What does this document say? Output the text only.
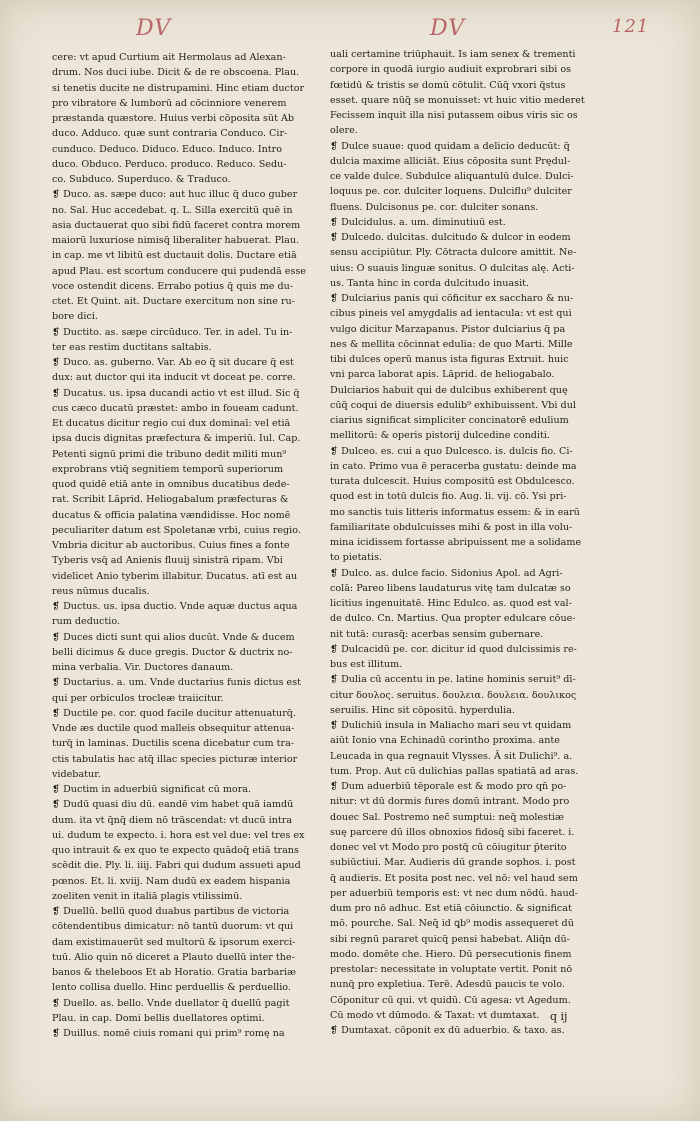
DV	DV	121
cere: vt apud Curtium ait Hermolaus ad Alexan-
drum. Nos duci iube. Dicit & de re obscoena. Plau.
si tenetis ducite ne distrupamini. Hinc etiam ductor
pro vibratore & lumborū ad cōcinniore venerem
præstanda quæstore. Huius verbi cōposita sūt Ab
duco. Adduco. quæ sunt contraria Conduco. Cir-
cunduco. Deduco. Diduco. Educo. Induco. Intro
duco. Obduco. Perduco. produco. Reduco. Sedu-
co. Subduco. Superduco. & Traduco.
❡ Duco. as. sæpe duco: aut huc illuc q̃ duco guber
no. Sal. Huc accedebat. q. L. Silla exercitū quē in
asia ductauerat quo sibi fidū faceret contra morem
maiorū luxuriose nimisq̃ liberaliter habuerat. Plau.
in cap. me vt libitū est ductauit dolis. Ductare etiā
apud Plau. est scortum conducere qui pudendā esse
voce ostendit dicens. Errabo potius q̃ quis me du-
ctet. Et Quint. ait. Ductare exercitum non sine ru-
bore dici.
❡ Ductito. as. sæpe circūduco. Ter. in adel. Tu in-
ter eas restim ductitans saltabis.
❡ Duco. as. guberno. Var. Ab eo q̃ sit ducare q̃ est
dux: aut ductor qui ita inducit vt doceat pe. corre.
❡ Ducatus. us. ipsa ducandi actio vt est illud. Sic q̃
cus cæco ducatū præstet: ambo in foueam cadunt.
Et ducatus dicitur regio cui dux dominaī: vel etiā
ipsa ducis dignitas præfectura & imperiū. Iul. Cap.
Petenti signū primi die tribuno dedit militi mun⁹
exprobrans vtiq̃ segnitiem temporū superiorum
quod quidē etiā ante in omnibus ducatibus dede-
rat. Scribit Lāprid. Heliogabalum præfecturas &
ducatus & officia palatina vændidisse. Hoc nomē
peculiariter datum est Spoletanæ vrbi, cuius regio.
Vmbria dicitur ab auctoribus. Cuius fines a fonte
Tyberis vsq̃ ad Anienis fluuij sinistrā ripam. Vbi
videlicet Anio tyberim illabitur. Ducatus. atī est au
reus nūmus ducalis.
❡ Ductus. us. ipsa ductio. Vnde aquæ ductus aqua
rum deductio.
❡ Duces dicti sunt qui alios ducūt. Vnde & ducem
belli dicimus & duce gregis. Ductor & ductrix no-
mina verbalia. Vir. Ductores danaum.
❡ Ductarius. a. um. Vnde ductarius funis dictus est
qui per orbiculos trocleæ traiicitur.
❡ Ductile pe. cor. quod facile ducitur attenuaturq̃.
Vnde æs ductile quod malleis obsequitur attenua-
turq̃ in laminas. Ductilis scena dicebatur cum tra-
ctis tabulatis hac atq̃ illac species picturæ interior
videbatur.
❡ Ductim in aduerbiū significat cū mora.
❡ Dudū quasi diu dū. eandē vim habet quā iamdū
dum. ita vt q̃nq̃ diem nō trāscendat: vt ducū intra
ui. dudum te expecto. i. hora est vel due: vel tres ex
quo intrauit & ex quo te expecto quādoq̃ etiā trans
scēdit die. Ply. li. iiij. Fabri qui dudum assueti apud
pœnos. Et. li. xviij. Nam dudū ex eadem hispania
zoeliten venit in italiā plagis vtilissimū.
❡ Duellū. bellū quod duabus partibus de victoria
cōtendentibus dimicatur: nō tantū duorum: vt qui
dam existimauerūt sed multorū & ipsorum exerci-
tuū. Alio quin nō diceret a Plauto duellū inter the-
banos & theleboos Et ab Horatio. Gratia barbariæ
lento collisa duello. Hinc perduellis & perduellio.
❡ Duello. as. bello. Vnde duellator q̃ duellū pagit
Plau. in cap. Domi bellis duellatores optimi.
❡ Duillus. nomē ciuis romani qui prim⁹ romę na
uali certamine triūphauit. Is iam senex & trementi
corpore in quodā iurgio audiuit exprobrari sibi os
fœtidū & tristis se domū cōtulit. Cūq̃ vxori q̃stus
esset. quare nūq̃ se monuisset: vt huic vitio mederet
Fecissem inquit illa nisi putassem oibus viris sic os
olere.
❡ Dulce suaue: quod quidam a delicio deducūt: q̃
dulcia maxime alliciāt. Eius cōposita sunt Prędul-
ce valde dulce. Subdulce aliquantulū dulce. Dulci-
loquus pe. cor. dulciter loquens. Dulciflu⁹ dulciter
fluens. Dulcisonus pe. cor. dulciter sonans.
❡ Dulcidulus. a. um. diminutiuū est.
❡ Dulcedo. dulcitas. dulcitudo & dulcor in eodem
sensu accipiūtur. Ply. Cōtracta dulcore amittit. Ne-
uius: O suauis linguæ sonitus. O dulcitas alę. Acti-
us. Tanta hinc in corda dulcitudo inuasit.
❡ Dulciarius panis qui cōficitur ex saccharo & nu-
cibus pineis vel amygdalis ad ientacula: vt est qui
vulgo dicitur Marzapanus. Pistor dulciarius q̃ pa
nes & mellita cōcinnat edulia: de quo Marti. Mille
tibi dulces operū manus ista figuras Extruit. huic
vni parca laborat apis. Lāprid. de heliogabalo.
Dulciarios habuit qui de dulcibus exhiberent quę
cūq̃ coqui de diuersis edulib⁹ exhibuissent. Vbi dul
ciarius significat simpliciter concinatorē edulium
mellitorū: & operis pistorij dulcedine conditi.
❡ Dulceo. es. cui a quo Dulcesco. is. dulcis fio. Ci-
in cato. Primo vua ē peracerba gustatu: deinde ma
turata dulcescit. Huius compositū est Obdulcesco.
quod est in totū dulcis fio. Aug. li. vij. cō. Ysi pri-
mo sanctis tuis litteris informatus essem: & in earū
familiaritate obdulcuisses mihi & post in illa volu-
mina icidissem fortasse abripuissent me a solidame
to pietatis.
❡ Dulco. as. dulce facio. Sidonius Apol. ad Agri-
colā: Pareo libens laudaturus vitę tam dulcatæ so
licitius ingenuitatē. Hinc Edulco. as. quod est val-
de dulco. Cn. Martius. Qua propter edulcare cōue-
nit tutā: curasq̃: acerbas sensim gubernare.
❡ Dulcacidū pe. cor. dicitur id quod dulcissimis re-
bus est illitum.
❡ Dulia cū accentu in pe. latine hominis seruit⁹ dī-
citur δουλος. seruitus. δουλεια. δουλεια. δουλικος
seruilis. Hinc sit cōpositū. hyperdulia.
❡ Dulichiū insula in Maliacho mari seu vt quidam
aiūt Ionio vna Echinadū corintho proxima. ante
Leucada in qua regnauit Vlysses. Ā sit Dulichi⁹. a.
tum. Prop. Aut cū dulichias pallas spatiatā ad aras.
❡ Dum aduerbiū tēporale est & modo pro qn̄ po-
nitur: vt dū dormis fures domū intrant. Modo pro
douec Sal. Postremo nec̄ sumptui: neq̄ molestiæ
suę parcere dū illos obnoxios fidosq̃ sibi faceret. i.
donec vel vt Modo pro postq̃ cū cōiugitur p̄terito
subiūctiui. Mar. Audieris dū grande sophos. i. post
q̃ audieris. Et posita post nec. vel nō: vel haud sem
per aduerbiū temporis est: vt nec dum nōdū. haud-
dum pro nō adhuc. Est etiā cōiunctio. & significat
mō. pourche. Sal. Neq̄ id ꝗb⁹ modis assequeret dū
sibi regnū pararet quicq̃ pensi habebat. Aliq̄n dū-
modo. domēte che. Hiero. Dū persecutionis finem
prestolar: necessitate in voluptate vertit. Ponit nō
nunq̃ pro expletiua. Terē. Adesdū paucis te volo.
Cōponitur cū qui. vt quidū. Cū agesa: vt Agedum.
Cū modo vt dūmodo. & Taxat: vt dumtaxat.
❡ Dumtaxat. cōponit ex dū aduerbio. & taxo. as.
q ij
